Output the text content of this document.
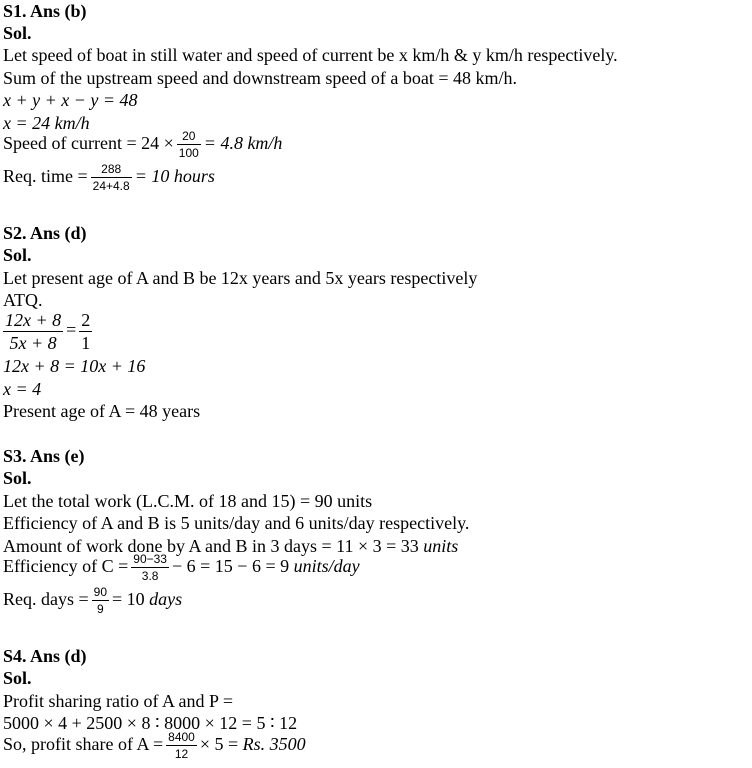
S1. Ans (b)
Sol.
Let speed of boat in still water and speed of current be x km/h & y km/h respectively.
Sum of the upstream speed and downstream speed of a boat = 48 km/h.
x + y + x − y = 48
x = 24 km/h
Speed of current = $24 \times \frac{20}{100} = 4.8$ km/h
Req. time = $\frac{288}{24+4.8} = 10$ hours
S2. Ans (d)
Sol.
Let present age of A and B be 12x years and 5x years respectively
ATQ.
$\frac{12x + 8}{5x + 8} = \frac{2}{1}$
12x + 8 = 10x + 16
x = 4
Present age of A = 48 years
S3. Ans (e)
Sol.
Let the total work (L.C.M. of 18 and 15) = 90 units
Efficiency of A and B is 5 units/day and 6 units/day respectively.
Amount of work done by A and B in 3 days = 11 × 3 = 33 units
Efficiency of $C = \frac{90-33}{3.8} - 6 = 15 - 6 = 9$ units/day
Req. days = $\frac{90}{9} = 10$ days
S4. Ans (d)
Sol.
Profit sharing ratio of A and P =
5000 × 4 + 2500 × 8 ∶ 8000 × 12 = 5 ∶ 12
So, profit share of $A = \frac{8400}{12} \times 5 = Rs$. 3500
